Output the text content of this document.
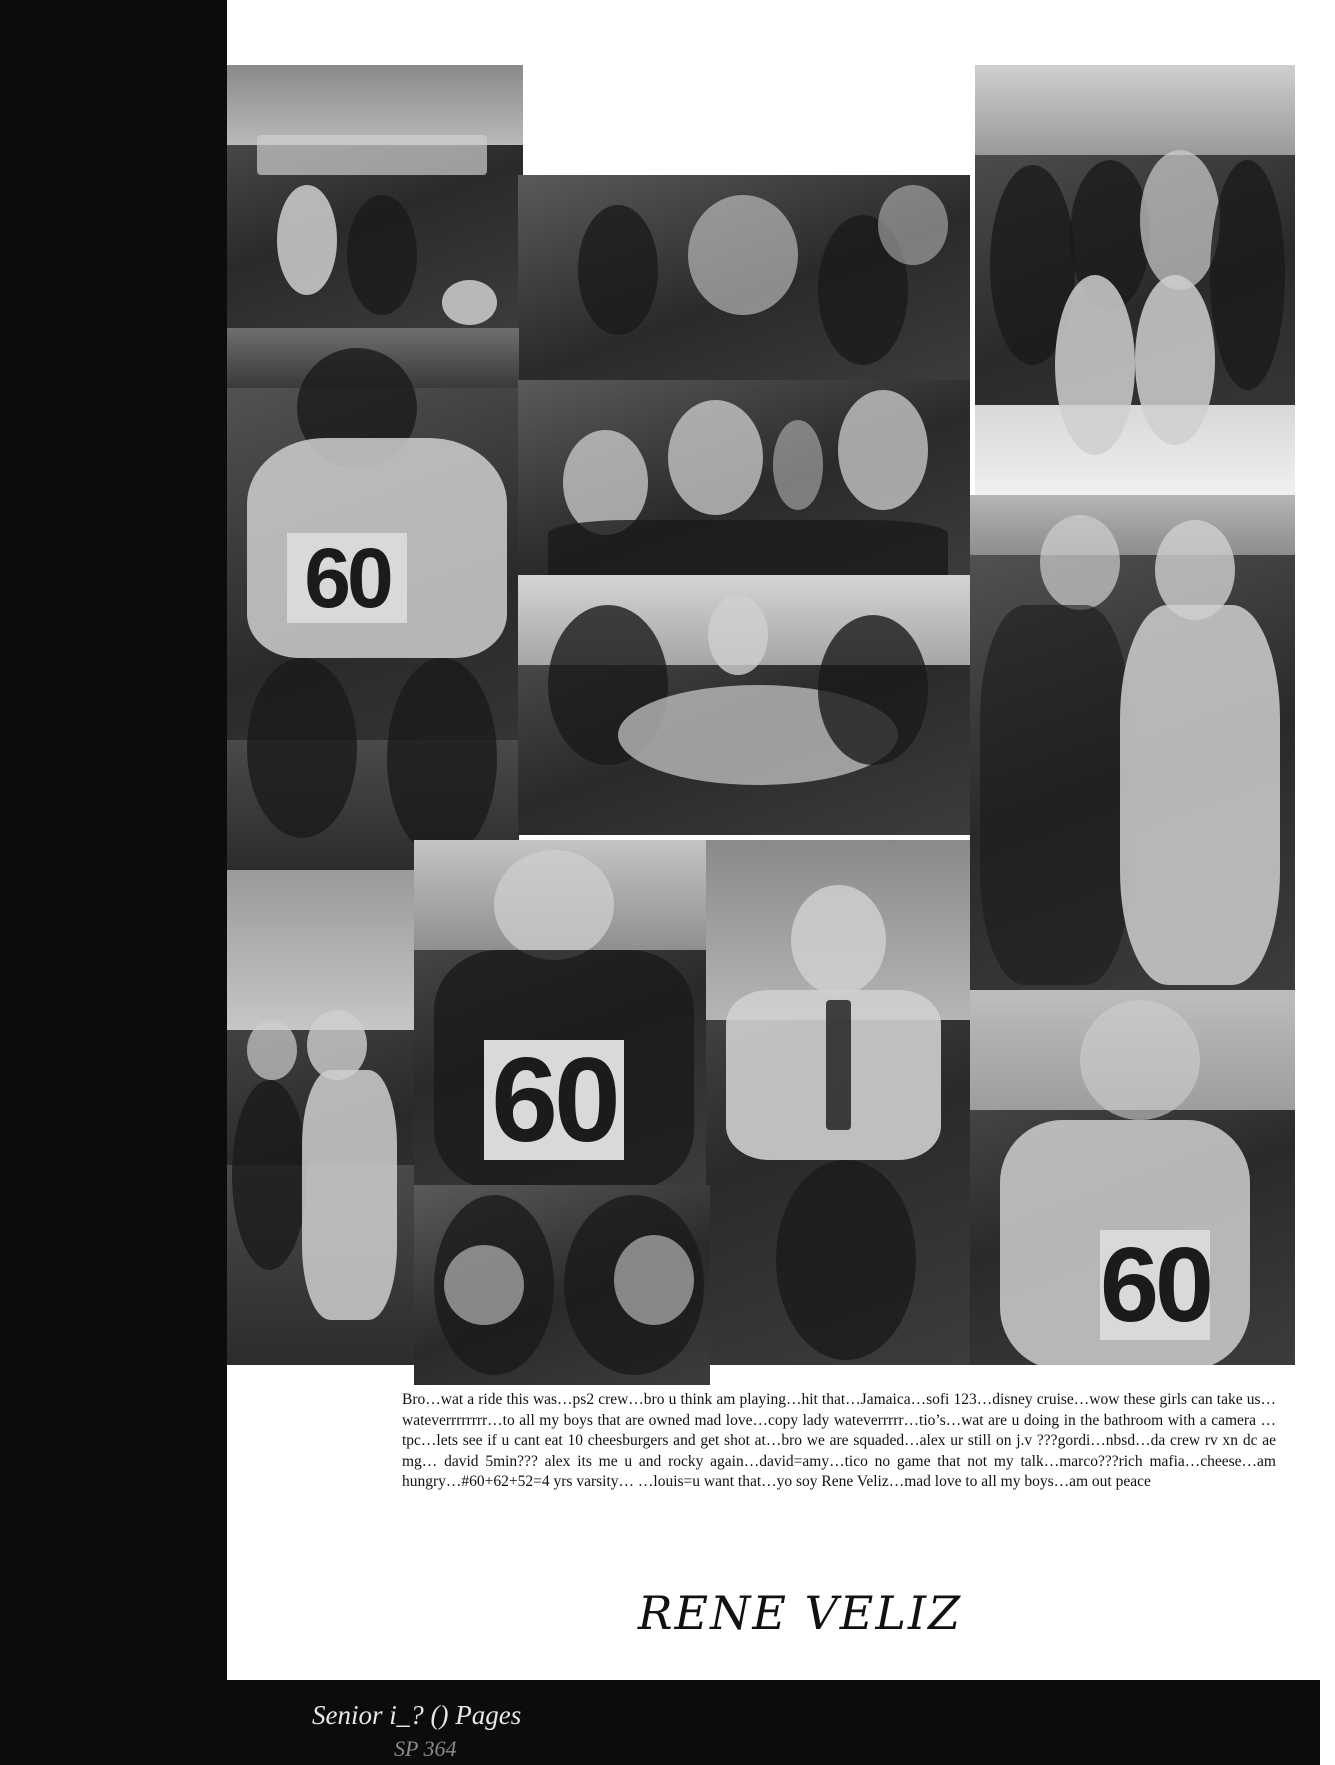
60
60
60
Bro…wat a ride this was…ps2 crew…bro u think am playing…hit that…Jamaica…sofi 123…disney cruise…wow these girls can take us…wateverrrrrrrr…to all my boys that are owned mad love…copy lady wateverrrrr…tio’s…wat are u doing in the bathroom with a camera …tpc…lets see if u cant eat 10 cheesburgers and get shot at…bro we are squaded…alex ur still on j.v ???gordi…nbsd…da crew rv xn dc ae mg… david 5min??? alex its me u and rocky again…david=amy…tico no game that not my talk…marco???rich mafia…cheese…am hungry…#60+62+52=4 yrs varsity… …louis=u want that…yo soy Rene Veliz…mad love to all my boys…am out peace
RENE VELIZ
Senior i ̲ ? () Pages
SP 364
